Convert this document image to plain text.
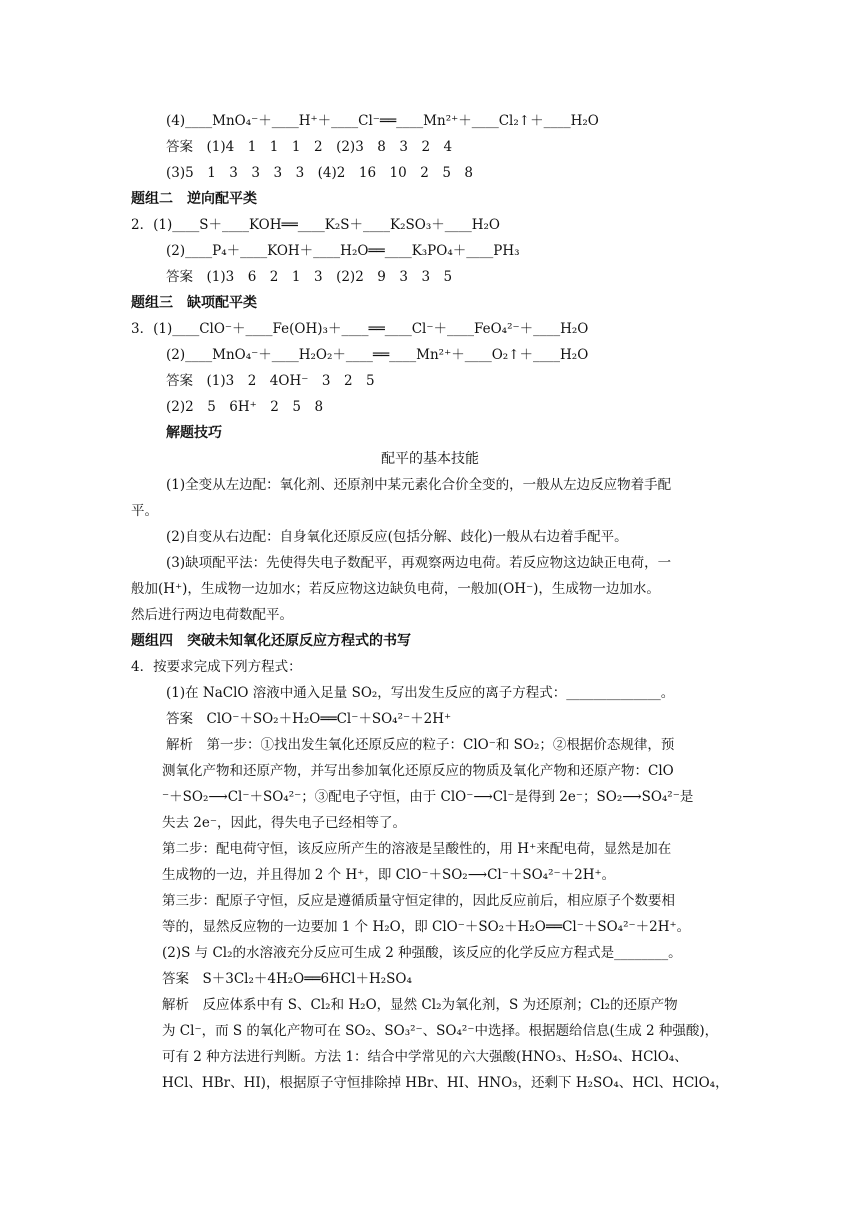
(4)____MnO₄⁻＋____H⁺＋____Cl⁻══____Mn²⁺＋____Cl₂↑＋____H₂O
答案　(1)4　1　1　1　2　(2)3　8　3　2　4
(3)5　1　3　3　3　3　(4)2　16　10　2　5　8
题组二　逆向配平类
2．(1)____S＋____KOH══____K₂S＋____K₂SO₃＋____H₂O
(2)____P₄＋____KOH＋____H₂O══____K₃PO₄＋____PH₃
答案　(1)3　6　2　1　3　(2)2　9　3　3　5
题组三　缺项配平类
3．(1)____ClO⁻＋____Fe(OH)₃＋____══____Cl⁻＋____FeO₄²⁻＋____H₂O
(2)____MnO₄⁻＋____H₂O₂＋____══____Mn²⁺＋____O₂↑＋____H₂O
答案　(1)3　2　4OH⁻　3　2　5
(2)2　5　6H⁺　2　5　8
解题技巧
配平的基本技能
(1)全变从左边配：氧化剂、还原剂中某元素化合价全变的，一般从左边反应物着手配
平。
(2)自变从右边配：自身氧化还原反应(包括分解、歧化)一般从右边着手配平。
(3)缺项配平法：先使得失电子数配平，再观察两边电荷。若反应物这边缺正电荷，一
般加(H⁺)，生成物一边加水；若反应物这边缺负电荷，一般加(OH⁻)，生成物一边加水。
然后进行两边电荷数配平。
题组四　突破未知氧化还原反应方程式的书写
4．按要求完成下列方程式：
(1)在 NaClO 溶液中通入足量 SO₂，写出发生反应的离子方程式：______________。
答案　ClO⁻＋SO₂＋H₂O══Cl⁻＋SO₄²⁻＋2H⁺
解析　第一步：①找出发生氧化还原反应的粒子：ClO⁻和 SO₂；②根据价态规律，预
测氧化产物和还原产物，并写出参加氧化还原反应的物质及氧化产物和还原产物：ClO
⁻＋SO₂⟶Cl⁻＋SO₄²⁻；③配电子守恒，由于 ClO⁻⟶Cl⁻是得到 2e⁻；SO₂⟶SO₄²⁻是
失去 2e⁻，因此，得失电子已经相等了。
第二步：配电荷守恒，该反应所产生的溶液是呈酸性的，用 H⁺来配电荷，显然是加在
生成物的一边，并且得加 2 个 H⁺，即 ClO⁻＋SO₂⟶Cl⁻＋SO₄²⁻＋2H⁺。
第三步：配原子守恒，反应是遵循质量守恒定律的，因此反应前后，相应原子个数要相
等的，显然反应物的一边要加 1 个 H₂O，即 ClO⁻＋SO₂＋H₂O══Cl⁻＋SO₄²⁻＋2H⁺。
(2)S 与 Cl₂的水溶液充分反应可生成 2 种强酸，该反应的化学反应方程式是________。
答案　S＋3Cl₂＋4H₂O══6HCl＋H₂SO₄
解析　反应体系中有 S、Cl₂和 H₂O，显然 Cl₂为氧化剂，S 为还原剂；Cl₂的还原产物
为 Cl⁻，而 S 的氧化产物可在 SO₂、SO₃²⁻、SO₄²⁻中选择。根据题给信息(生成 2 种强酸)，
可有 2 种方法进行判断。方法 1：结合中学常见的六大强酸(HNO₃、H₂SO₄、HClO₄、
HCl、HBr、HI)，根据原子守恒排除掉 HBr、HI、HNO₃，还剩下 H₂SO₄、HCl、HClO₄，
